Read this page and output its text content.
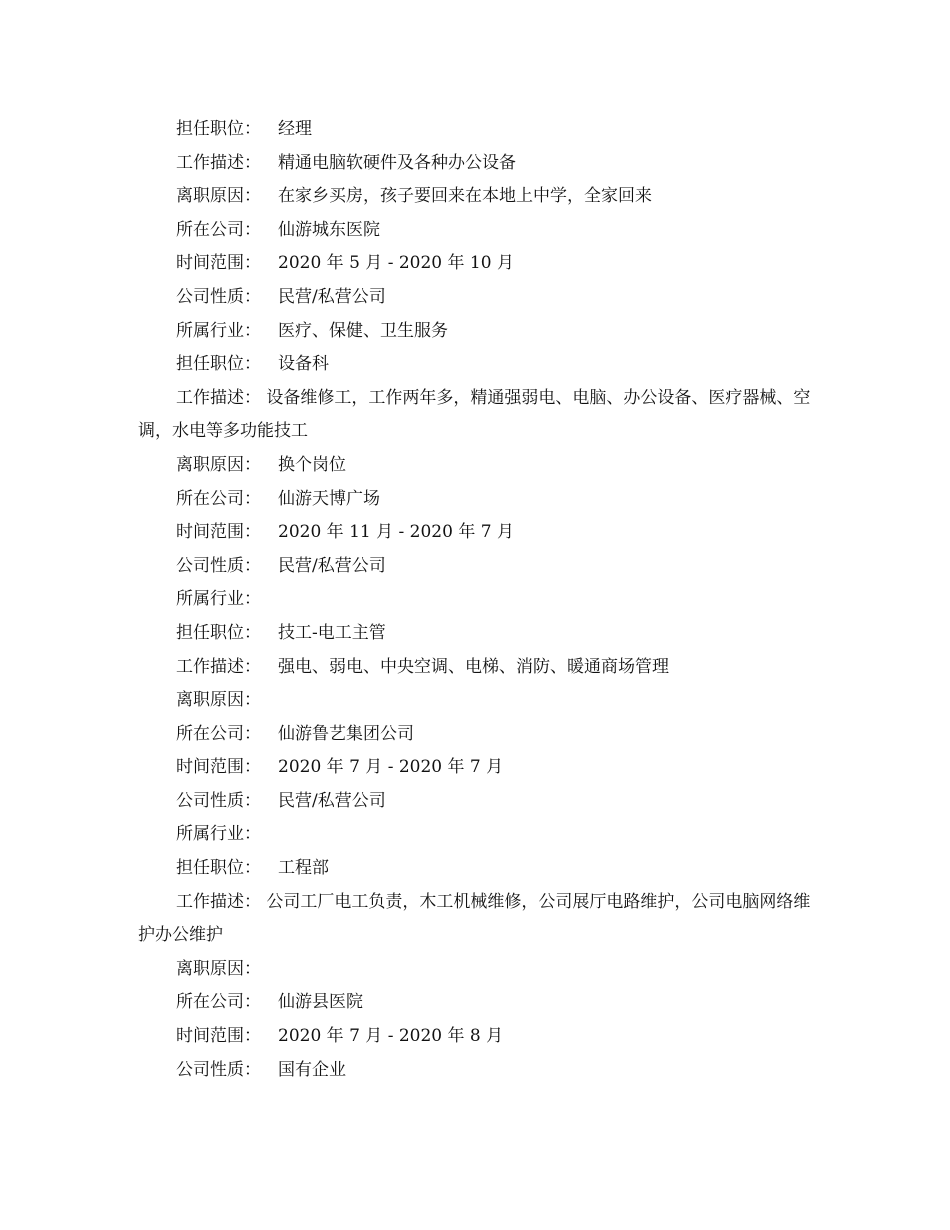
担任职位： 经理
工作描述： 精通电脑软硬件及各种办公设备
离职原因： 在家乡买房，孩子要回来在本地上中学，全家回来
所在公司： 仙游城东医院
时间范围： 2020 年 5 月 - 2020 年 10 月
公司性质： 民营/私营公司
所属行业： 医疗、保健、卫生服务
担任职位： 设备科
工作描述： 设备维修工，工作两年多，精通强弱电、电脑、办公设备、医疗器械、空调，水电等多功能技工
离职原因： 换个岗位
所在公司： 仙游天博广场
时间范围： 2020 年 11 月 - 2020 年 7 月
公司性质： 民营/私营公司
所属行业：
担任职位： 技工-电工主管
工作描述： 强电、弱电、中央空调、电梯、消防、暖通商场管理
离职原因：
所在公司： 仙游鲁艺集团公司
时间范围： 2020 年 7 月 - 2020 年 7 月
公司性质： 民营/私营公司
所属行业：
担任职位： 工程部
工作描述： 公司工厂电工负责，木工机械维修，公司展厅电路维护，公司电脑网络维护办公维护
离职原因：
所在公司： 仙游县医院
时间范围： 2020 年 7 月 - 2020 年 8 月
公司性质： 国有企业
